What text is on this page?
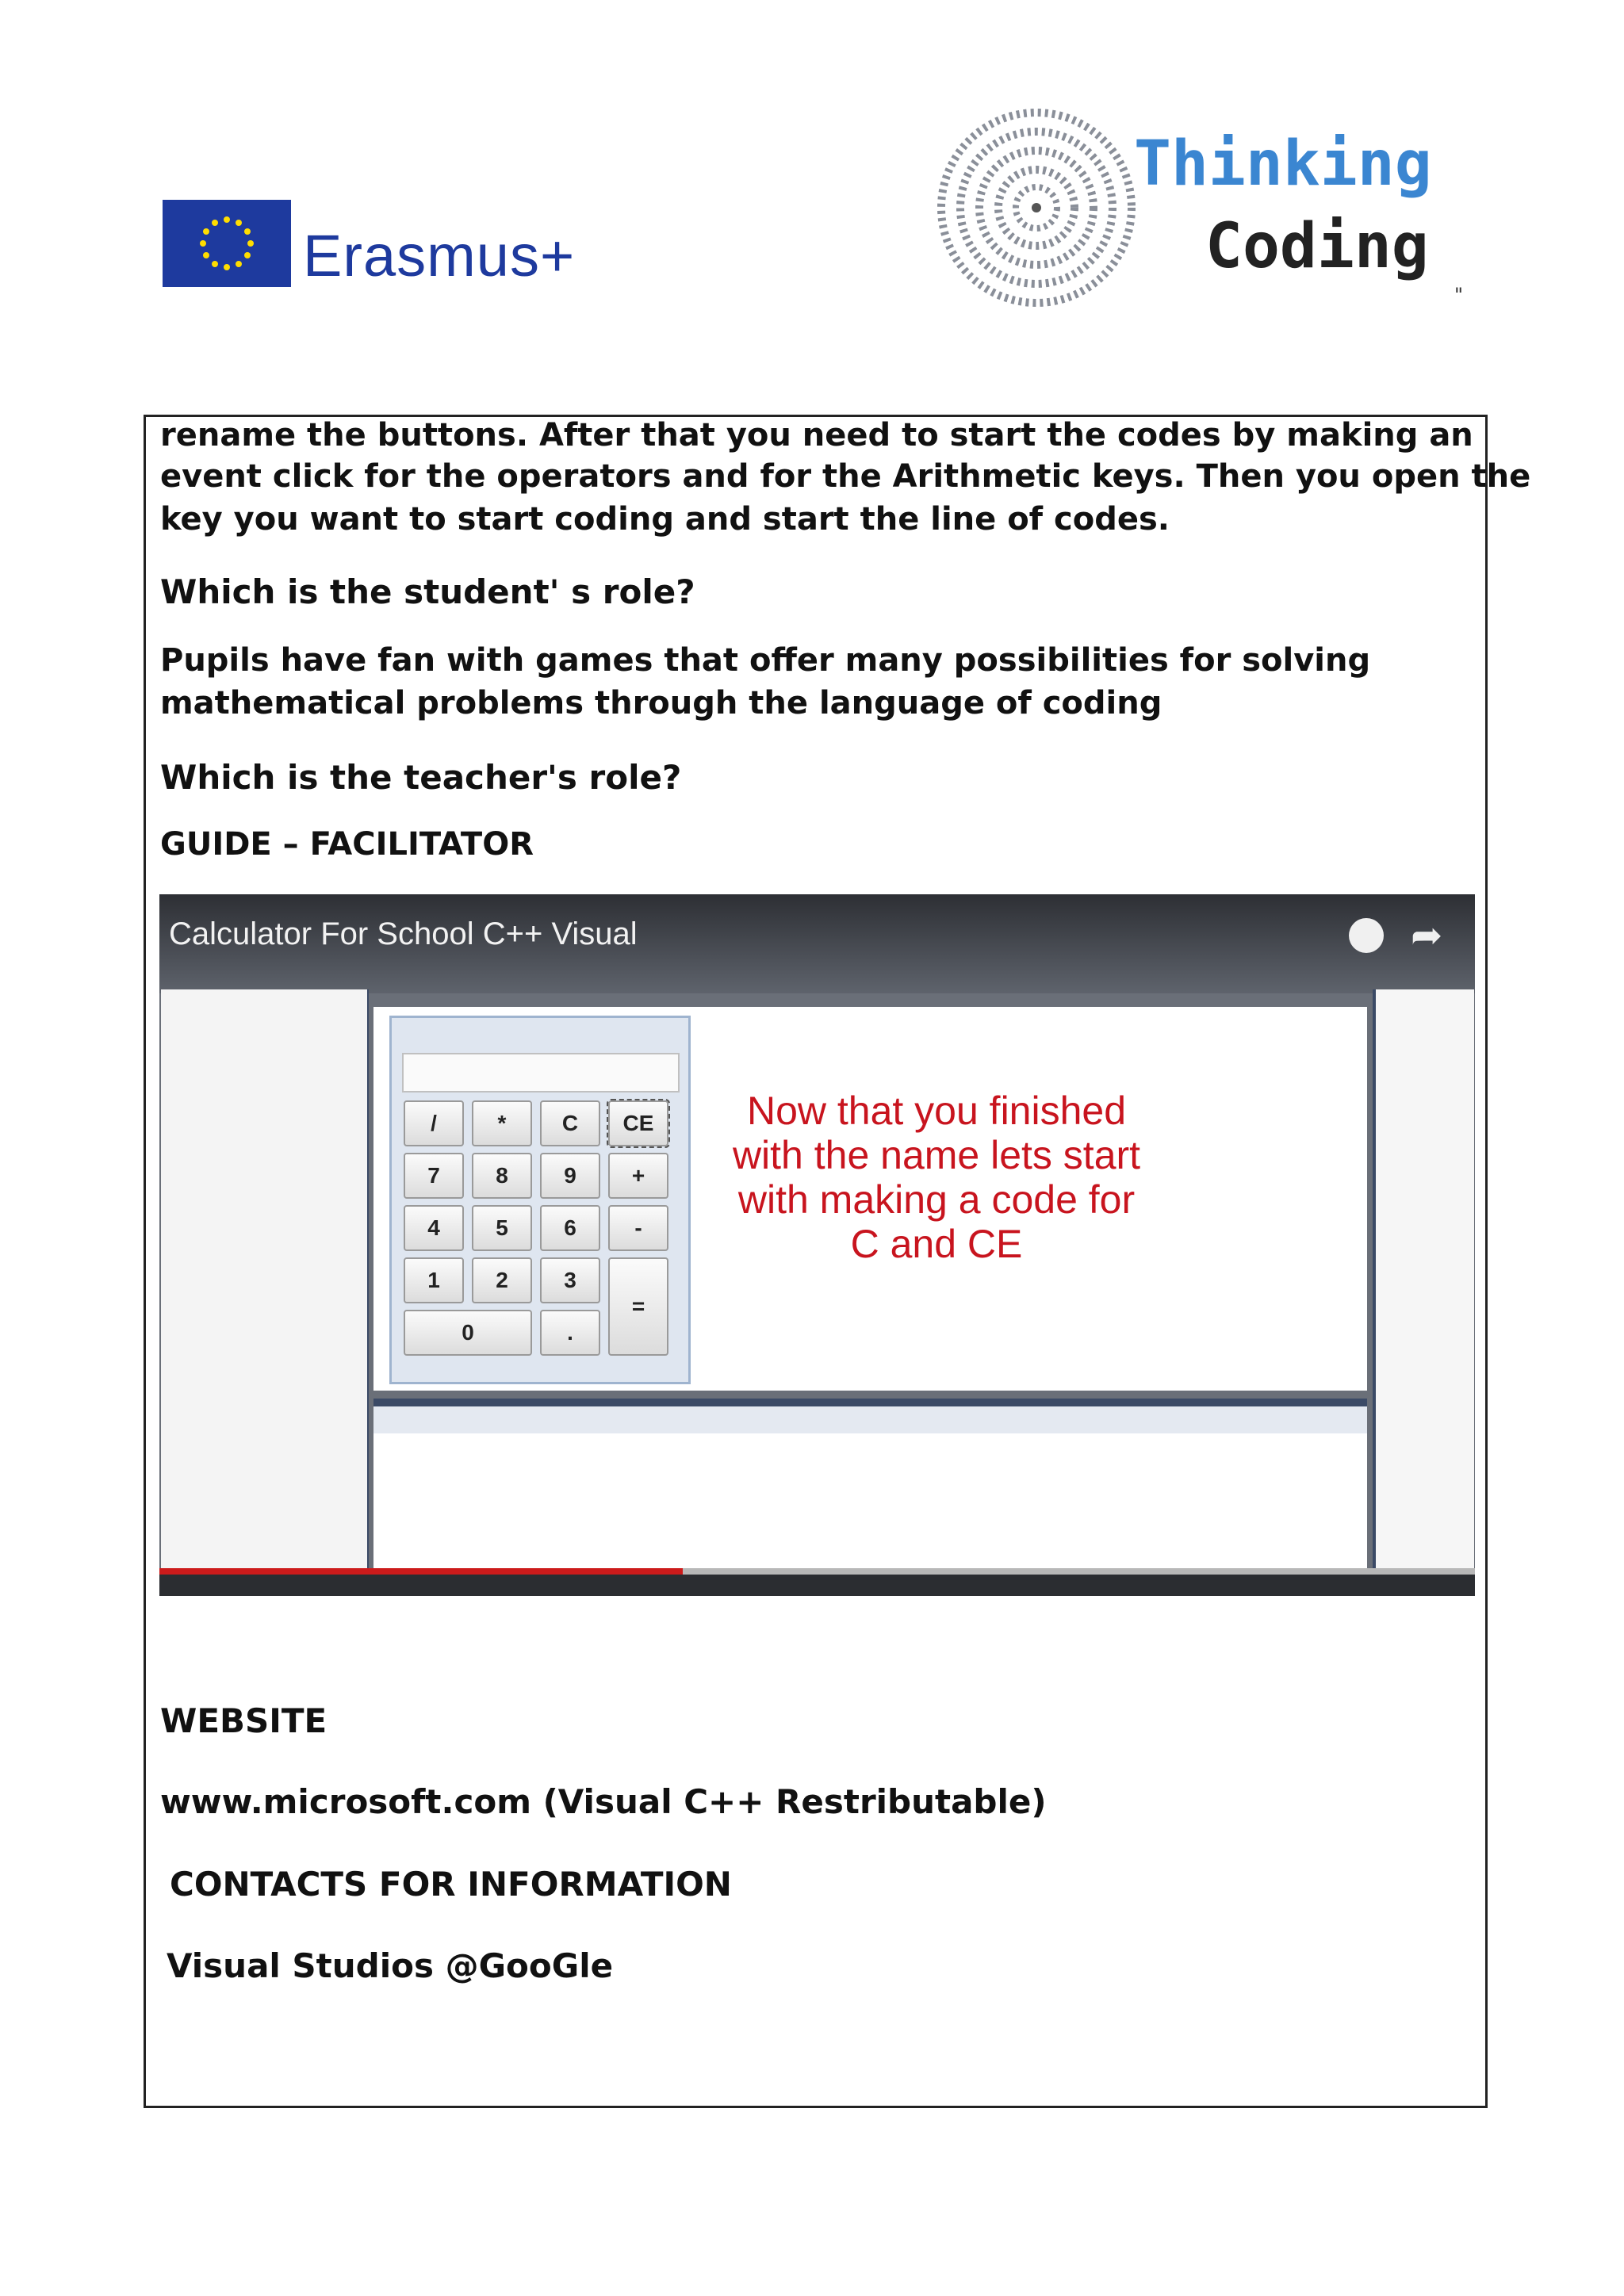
Erasmus+
Thinking
Coding
"
rename the buttons. After that you need to start the codes by making an
event click for the operators and for the Arithmetic keys. Then you open the
key you want to start coding and start the line of codes.
Which is the student' s role?
Pupils have fan with games that offer many possibilities for solving
mathematical problems through the language of coding
Which is the teacher's role?
GUIDE – FACILITATOR
/	*	C	CE
7	8	9	+
4	5	6	-
1	2	3
=
0	.
Now that you finished with the name lets start with making a code for C and CE
Calculator For School C++ Visual	➦
WEBSITE
www.microsoft.com (Visual C++ Restributable)
CONTACTS FOR INFORMATION
Visual Studios @GooGle
